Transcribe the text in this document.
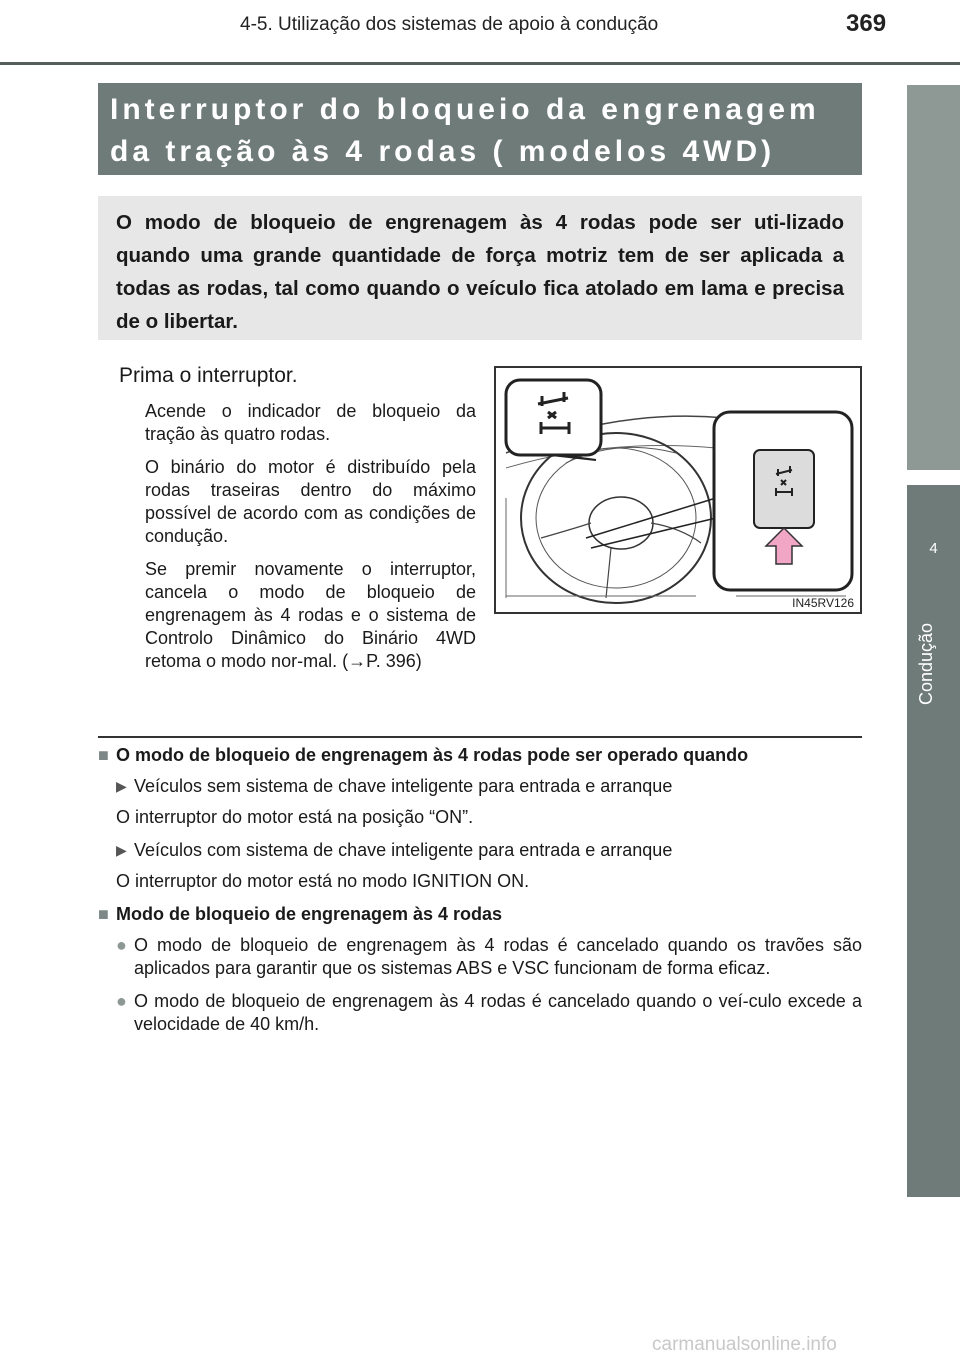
4-5. Utilização dos sistemas de apoio à condução	369
4
Condução
Interruptor do bloqueio da engrenagem da tração às 4 rodas ( modelos 4WD)
O modo de bloqueio de engrenagem às 4 rodas pode ser uti-lizado quando uma grande quantidade de força motriz tem de ser aplicada a todas as rodas, tal como quando o veículo fica atolado em lama e precisa de o libertar.
Prima o interruptor.

Acende o indicador de bloqueio da tração às quatro rodas.

O binário do motor é distribuído pela rodas traseiras dentro do máximo possível de acordo com as condições de condução.

Se premir novamente o interruptor, cancela o modo de bloqueio de engrenagem às 4 rodas e o sistema de Controlo Dinâmico do Binário 4WD retoma o modo nor-mal. (→P. 396)

IN45RV126
■ O modo de bloqueio de engrenagem às 4 rodas pode ser operado quando
▶ Veículos sem sistema de chave inteligente para entrada e arranque
O interruptor do motor está na posição “ON”.
▶ Veículos com sistema de chave inteligente para entrada e arranque
O interruptor do motor está no modo IGNITION ON.
■ Modo de bloqueio de engrenagem às 4 rodas
● O modo de bloqueio de engrenagem às 4 rodas é cancelado quando os travões são aplicados para garantir que os sistemas ABS e VSC funcionam de forma eficaz.
● O modo de bloqueio de engrenagem às 4 rodas é cancelado quando o veí-culo excede a velocidade de 40 km/h.
carmanualsonline.info
